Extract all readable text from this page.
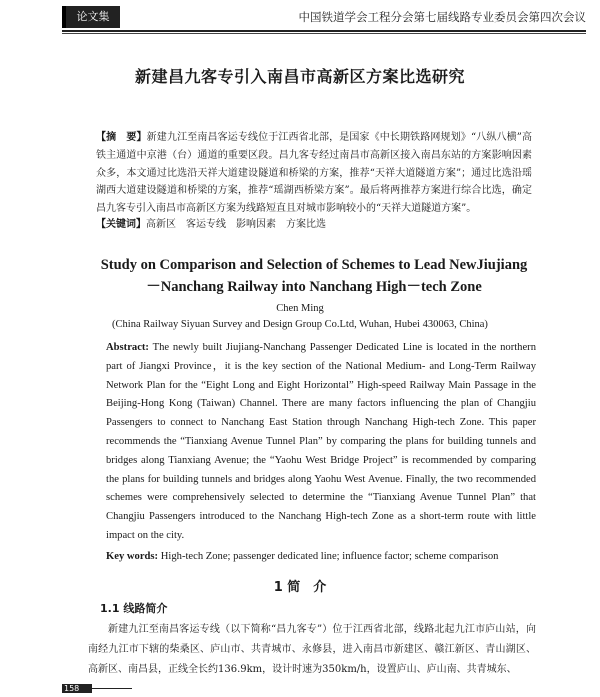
论文集	中国铁道学会工程分会第七届线路专业委员会第四次会议
新建昌九客专引入南昌市高新区方案比选研究
【摘　要】新建九江至南昌客运专线位于江西省北部，是国家《中长期铁路网规划》“八纵八横”高铁主通道中京港（台）通道的重要区段。昌九客专经过南昌市高新区接入南昌东站的方案影响因素众多，本文通过比选沿天祥大道建设隧道和桥梁的方案，推荐“天祥大道隧道方案”；通过比选沿瑶湖西大道建设隧道和桥梁的方案，推荐“瑶湖西桥梁方案”。最后将两推荐方案进行综合比选，确定昌九客专引入南昌市高新区方案为线路短直且对城市影响较小的“天祥大道隧道方案”。
【关键词】高新区　客运专线　影响因素　方案比选
Study on Comparison and Selection of Schemes to Lead NewJiujiang－Nanchang Railway into Nanchang High－tech Zone
Chen Ming
(China Railway Siyuan Survey and Design Group Co.Ltd, Wuhan, Hubei 430063, China)
Abstract: The newly built Jiujiang-Nanchang Passenger Dedicated Line is located in the northern part of Jiangxi Province，it is the key section of the National Medium- and Long-Term Railway Network Plan for the “Eight Long and Eight Horizontal” High-speed Railway Main Passage in the Beijing-Hong Kong (Taiwan) Channel. There are many factors influencing the plan of Changjiu Passengers to connect to Nanchang East Station through Nanchang High-tech Zone. This paper recommends the “Tianxiang Avenue Tunnel Plan” by comparing the plans for building tunnels and bridges along Tianxiang Avenue; the “Yaohu West Bridge Project” is recommended by comparing the plans for building tunnels and bridges along Yaohu West Avenue. Finally, the two recommended schemes were comprehensively selected to determine the “Tianxiang Avenue Tunnel Plan” that Changjiu Passengers introduced to the Nanchang High-tech Zone as a short-term route with little impact on the city.
Key words: High-tech Zone; passenger dedicated line; influence factor; scheme comparison
1 简　介
1.1 线路简介
新建九江至南昌客运专线（以下简称“昌九客专”）位于江西省北部，线路北起九江市庐山站，向南经九江市下辖的柴桑区、庐山市、共青城市、永修县，进入南昌市新建区、赣江新区、青山湖区、高新区、南昌县，正线全长约136.9km，设计时速为350km/h，设置庐山、庐山南、共青城东、
158
